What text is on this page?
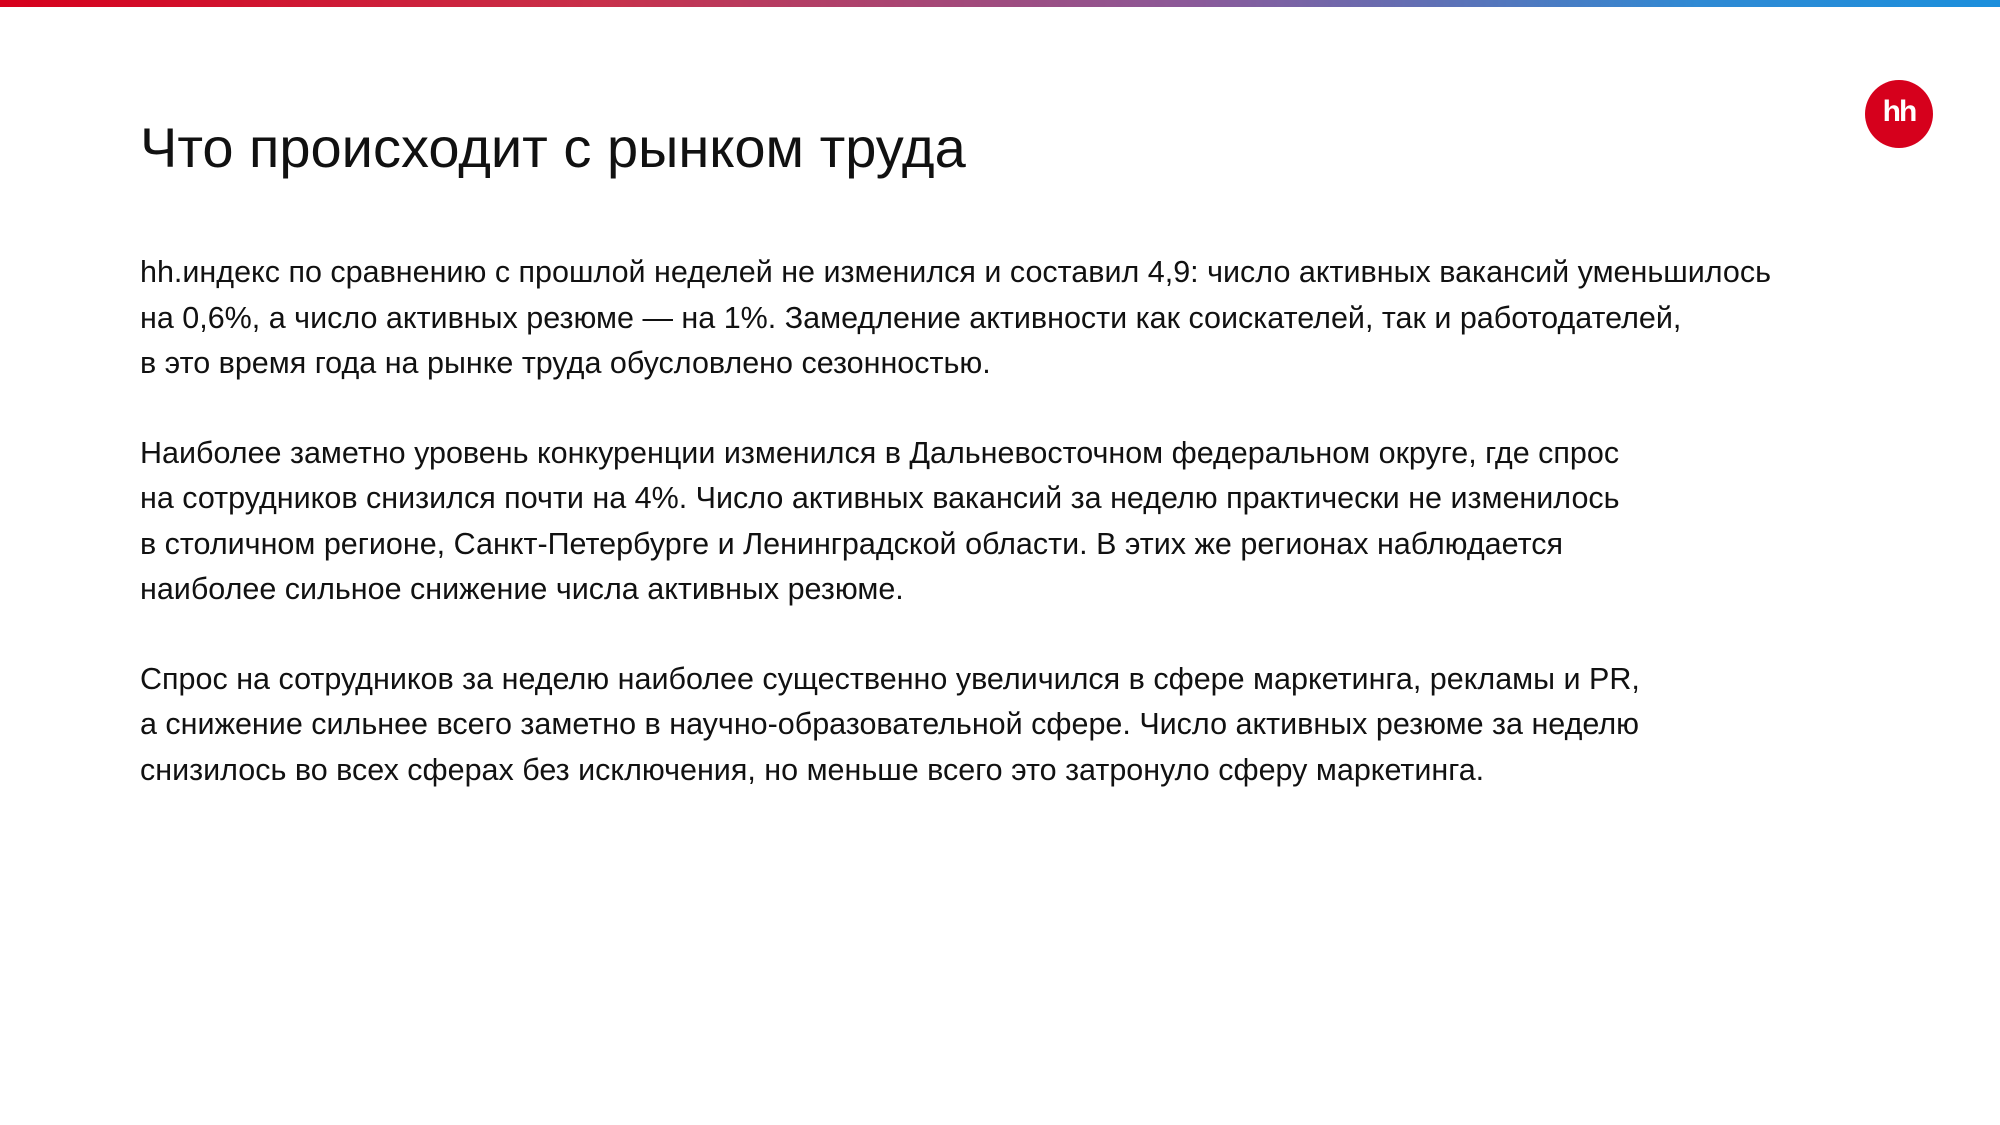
hh
Что происходит с рынком труда

hh.индекс по сравнению с прошлой неделей не изменился и составил 4,9: число активных вакансий уменьшилось
на 0,6%, а число активных резюме — на 1%. Замедление активности как соискателей, так и работодателей,
в это время года на рынке труда обусловлено сезонностью.

Наиболее заметно уровень конкуренции изменился в Дальневосточном федеральном округе, где спрос
на сотрудников снизился почти на 4%. Число активных вакансий за неделю практически не изменилось
в столичном регионе, Санкт-Петербурге и Ленинградской области. В этих же регионах наблюдается
наиболее сильное снижение числа активных резюме.

Спрос на сотрудников за неделю наиболее существенно увеличился в сфере маркетинга, рекламы и PR,
а снижение сильнее всего заметно в научно-образовательной сфере. Число активных резюме за неделю
снизилось во всех сферах без исключения, но меньше всего это затронуло сферу маркетинга.
